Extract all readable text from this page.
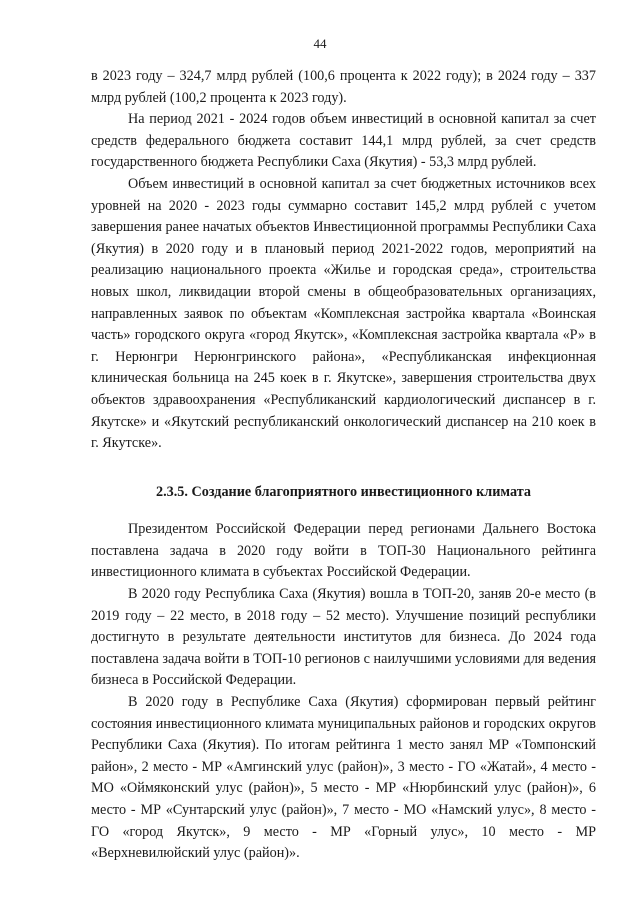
44

в 2023 году – 324,7 млрд рублей (100,6 процента к 2022 году); в 2024 году – 337 млрд рублей (100,2 процента к 2023 году).

На период 2021 - 2024 годов объем инвестиций в основной капитал за счет средств федерального бюджета составит 144,1 млрд рублей, за счет средств государственного бюджета Республики Саха (Якутия) - 53,3 млрд рублей.

Объем инвестиций в основной капитал за счет бюджетных источников всех уровней на 2020 - 2023 годы суммарно составит 145,2 млрд рублей с учетом завершения ранее начатых объектов Инвестиционной программы Республики Саха (Якутия) в 2020 году и в плановый период 2021-2022 годов, мероприятий на реализацию национального проекта «Жилье и городская среда», строительства новых школ, ликвидации второй смены в общеобразовательных организациях, направленных заявок по объектам «Комплексная застройка квартала «Воинская часть» городского округа «город Якутск», «Комплексная застройка квартала «Р» в г. Нерюнгри Нерюнгринского района», «Республиканская инфекционная клиническая больница на 245 коек в г. Якутске», завершения строительства двух объектов здравоохранения «Республиканский кардиологический диспансер в г. Якутске» и «Якутский республиканский онкологический диспансер на 210 коек в г. Якутске».

2.3.5. Создание благоприятного инвестиционного климата

Президентом Российской Федерации перед регионами Дальнего Востока поставлена задача в 2020 году войти в ТОП-30 Национального рейтинга инвестиционного климата в субъектах Российской Федерации.

В 2020 году Республика Саха (Якутия) вошла в ТОП-20, заняв 20-е место (в 2019 году – 22 место, в 2018 году – 52 место). Улучшение позиций республики достигнуто в результате деятельности институтов для бизнеса. До 2024 года поставлена задача войти в ТОП-10 регионов с наилучшими условиями для ведения бизнеса в Российской Федерации.

В 2020 году в Республике Саха (Якутия) сформирован первый рейтинг состояния инвестиционного климата муниципальных районов и городских округов Республики Саха (Якутия). По итогам рейтинга 1 место занял МР «Томпонский район», 2 место - МР «Амгинский улус (район)», 3 место - ГО «Жатай», 4 место - МО «Оймяконский улус (район)», 5 место - МР «Нюрбинский улус (район)», 6 место - МР «Сунтарский улус (район)», 7 место - МО «Намский улус», 8 место - ГО «город Якутск», 9 место - МР «Горный улус», 10 место - МР «Верхневилюйский улус (район)».
